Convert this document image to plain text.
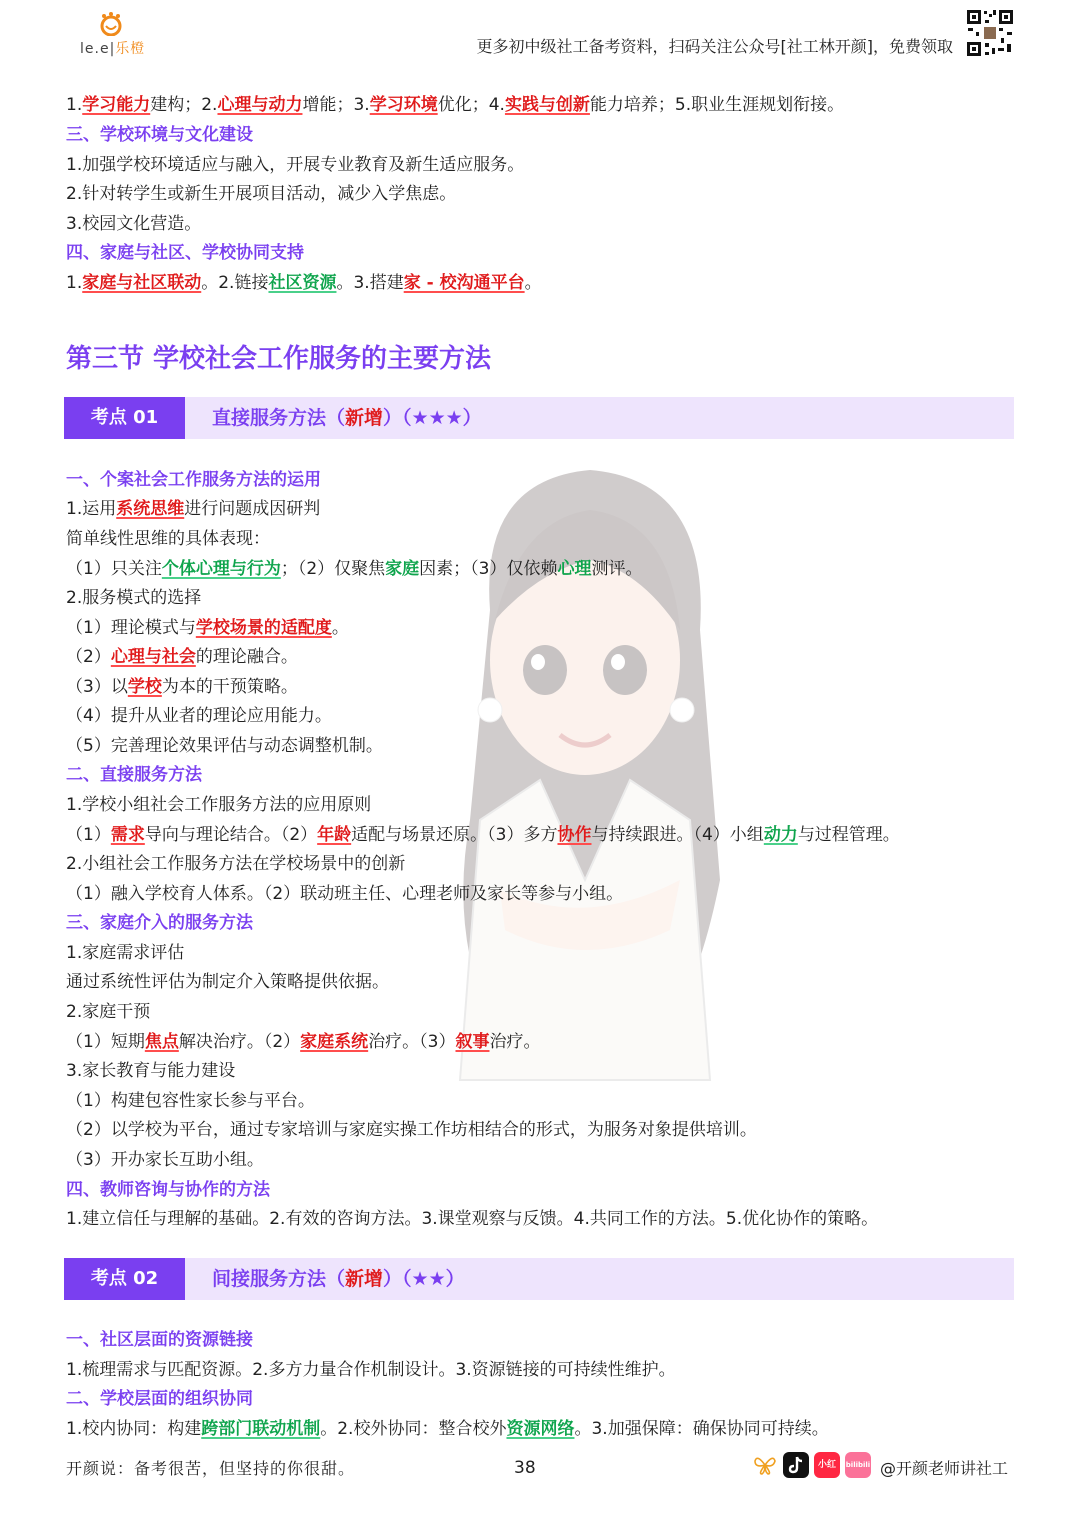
le.e|乐橙	更多初中级社工备考资料，扫码关注公众号[社工林开颜]，免费领取
1.学习能力建构；2.心理与动力增能；3.学习环境优化；4.实践与创新能力培养；5.职业生涯规划衔接。
三、学校环境与文化建设
1.加强学校环境适应与融入，开展专业教育及新生适应服务。
2.针对转学生或新生开展项目活动，减少入学焦虑。
3.校园文化营造。
四、家庭与社区、学校协同支持
1.家庭与社区联动。2.链接社区资源。3.搭建家 - 校沟通平台。
第三节 学校社会工作服务的主要方法
考点 01	直接服务方法（新增）（★★★）
一、个案社会工作服务方法的运用
1.运用系统思维进行问题成因研判
简单线性思维的具体表现：
（1）只关注个体心理与行为；（2）仅聚焦家庭因素；（3）仅依赖心理测评。
2.服务模式的选择
（1）理论模式与学校场景的适配度。
（2）心理与社会的理论融合。
（3）以学校为本的干预策略。
（4）提升从业者的理论应用能力。
（5）完善理论效果评估与动态调整机制。
二、直接服务方法
1.学校小组社会工作服务方法的应用原则
（1）需求导向与理论结合。（2）年龄适配与场景还原。（3）多方协作与持续跟进。（4）小组动力与过程管理。
2.小组社会工作服务方法在学校场景中的创新
（1）融入学校育人体系。（2）联动班主任、心理老师及家长等参与小组。
三、家庭介入的服务方法
1.家庭需求评估
通过系统性评估为制定介入策略提供依据。
2.家庭干预
（1）短期焦点解决治疗。（2）家庭系统治疗。（3）叙事治疗。
3.家长教育与能力建设
（1）构建包容性家长参与平台。
（2）以学校为平台，通过专家培训与家庭实操工作坊相结合的形式，为服务对象提供培训。
（3）开办家长互助小组。
四、教师咨询与协作的方法
1.建立信任与理解的基础。2.有效的咨询方法。3.课堂观察与反馈。4.共同工作的方法。5.优化协作的策略。
考点 02	间接服务方法（新增）（★★）
一、社区层面的资源链接
1.梳理需求与匹配资源。2.多方力量合作机制设计。3.资源链接的可持续性维护。
二、学校层面的组织协同
1.校内协同：构建跨部门联动机制。2.校外协同：整合校外资源网络。3.加强保障：确保协同可持续。
开颜说：备考很苦，但坚持的你很甜。	38	小红书
bilibili @开颜老师讲社工
